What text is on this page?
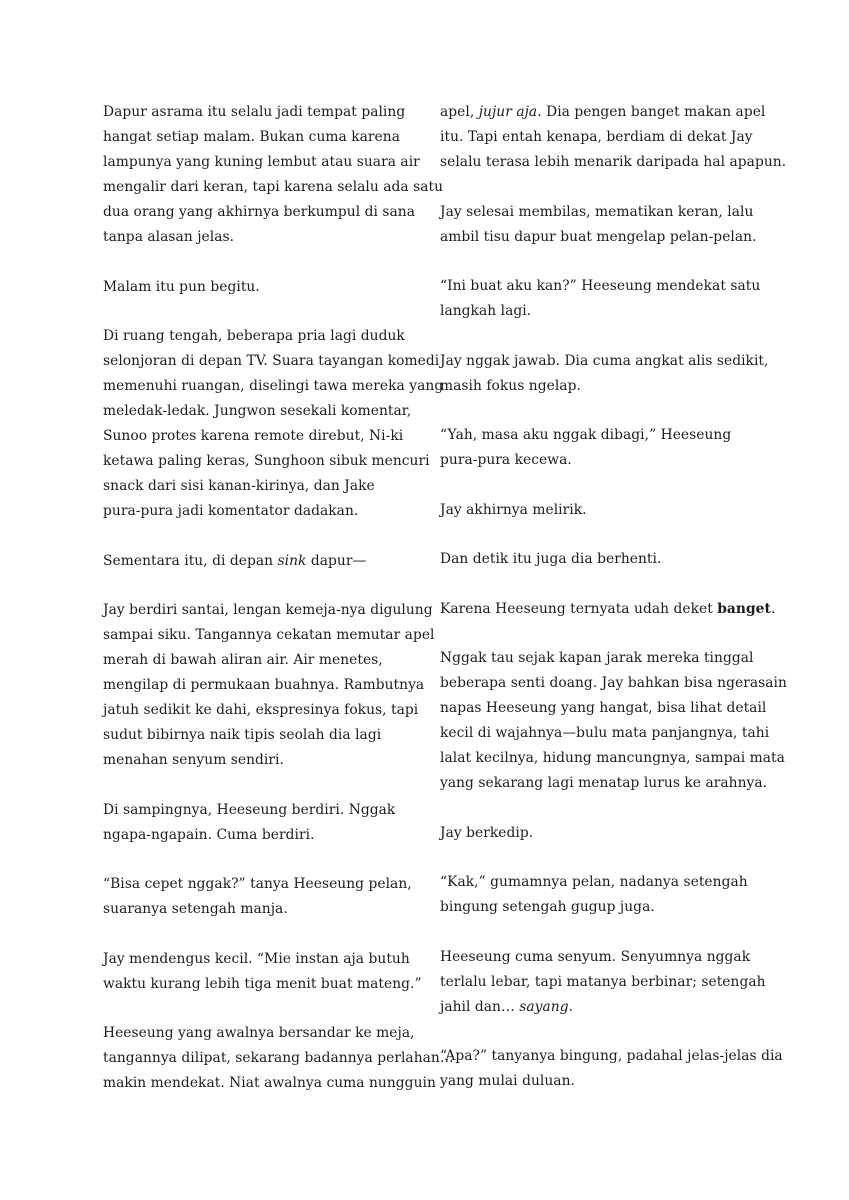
Dapur asrama itu selalu jadi tempat paling
hangat setiap malam. Bukan cuma karena
lampunya yang kuning lembut atau suara air
mengalir dari keran, tapi karena selalu ada satu
dua orang yang akhirnya berkumpul di sana
tanpa alasan jelas.

Malam itu pun begitu.

Di ruang tengah, beberapa pria lagi duduk
selonjoran di depan TV. Suara tayangan komedi
memenuhi ruangan, diselingi tawa mereka yang
meledak-ledak. Jungwon sesekali komentar,
Sunoo protes karena remote direbut, Ni-ki
ketawa paling keras, Sunghoon sibuk mencuri
snack dari sisi kanan-kirinya, dan Jake
pura-pura jadi komentator dadakan.

Sementara itu, di depan sink dapur—

Jay berdiri santai, lengan kemeja-nya digulung
sampai siku. Tangannya cekatan memutar apel
merah di bawah aliran air. Air menetes,
mengilap di permukaan buahnya. Rambutnya
jatuh sedikit ke dahi, ekspresinya fokus, tapi
sudut bibirnya naik tipis seolah dia lagi
menahan senyum sendiri.

Di sampingnya, Heeseung berdiri. Nggak
ngapa-ngapain. Cuma berdiri.

“Bisa cepet nggak?” tanya Heeseung pelan,
suaranya setengah manja.

Jay mendengus kecil. “Mie instan aja butuh
waktu kurang lebih tiga menit buat mateng.”

Heeseung yang awalnya bersandar ke meja,
tangannya dilipat, sekarang badannya perlahan…
makin mendekat. Niat awalnya cuma nungguin

apel, jujur aja. Dia pengen banget makan apel
itu. Tapi entah kenapa, berdiam di dekat Jay
selalu terasa lebih menarik daripada hal apapun.

Jay selesai membilas, mematikan keran, lalu
ambil tisu dapur buat mengelap pelan-pelan.

“Ini buat aku kan?” Heeseung mendekat satu
langkah lagi.

Jay nggak jawab. Dia cuma angkat alis sedikit,
masih fokus ngelap.

“Yah, masa aku nggak dibagi,” Heeseung
pura-pura kecewa.

Jay akhirnya melirik.

Dan detik itu juga dia berhenti.

Karena Heeseung ternyata udah deket banget.

Nggak tau sejak kapan jarak mereka tinggal
beberapa senti doang. Jay bahkan bisa ngerasain
napas Heeseung yang hangat, bisa lihat detail
kecil di wajahnya—bulu mata panjangnya, tahi
lalat kecilnya, hidung mancungnya, sampai mata
yang sekarang lagi menatap lurus ke arahnya.

Jay berkedip.

“Kak,” gumamnya pelan, nadanya setengah
bingung setengah gugup juga.

Heeseung cuma senyum. Senyumnya nggak
terlalu lebar, tapi matanya berbinar; setengah
jahil dan… sayang.

“Apa?” tanyanya bingung, padahal jelas-jelas dia
yang mulai duluan.
